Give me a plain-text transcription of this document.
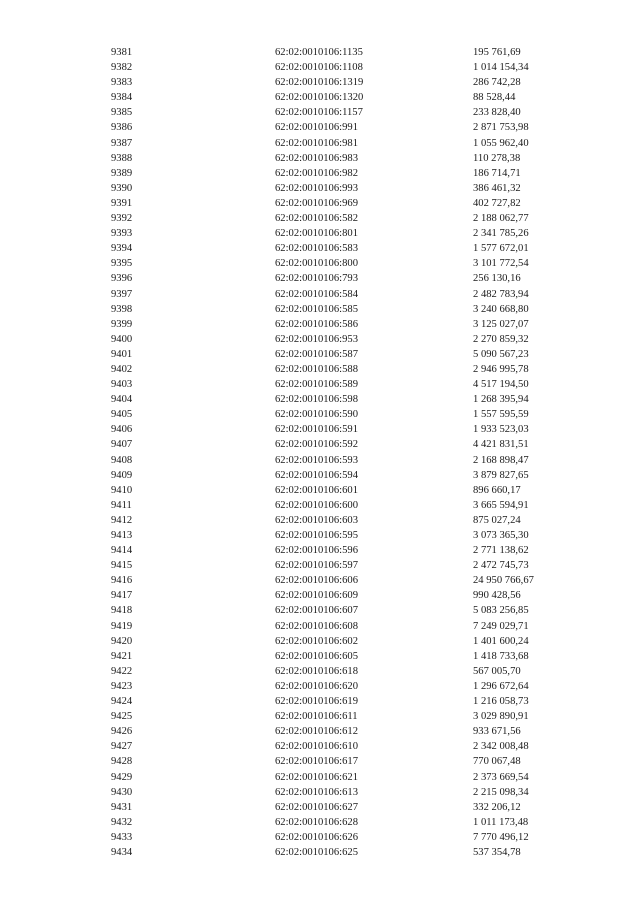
9381	62:02:0010106:1135	195 761,69
9382	62:02:0010106:1108	1 014 154,34
9383	62:02:0010106:1319	286 742,28
9384	62:02:0010106:1320	88 528,44
9385	62:02:0010106:1157	233 828,40
9386	62:02:0010106:991	2 871 753,98
9387	62:02:0010106:981	1 055 962,40
9388	62:02:0010106:983	110 278,38
9389	62:02:0010106:982	186 714,71
9390	62:02:0010106:993	386 461,32
9391	62:02:0010106:969	402 727,82
9392	62:02:0010106:582	2 188 062,77
9393	62:02:0010106:801	2 341 785,26
9394	62:02:0010106:583	1 577 672,01
9395	62:02:0010106:800	3 101 772,54
9396	62:02:0010106:793	256 130,16
9397	62:02:0010106:584	2 482 783,94
9398	62:02:0010106:585	3 240 668,80
9399	62:02:0010106:586	3 125 027,07
9400	62:02:0010106:953	2 270 859,32
9401	62:02:0010106:587	5 090 567,23
9402	62:02:0010106:588	2 946 995,78
9403	62:02:0010106:589	4 517 194,50
9404	62:02:0010106:598	1 268 395,94
9405	62:02:0010106:590	1 557 595,59
9406	62:02:0010106:591	1 933 523,03
9407	62:02:0010106:592	4 421 831,51
9408	62:02:0010106:593	2 168 898,47
9409	62:02:0010106:594	3 879 827,65
9410	62:02:0010106:601	896 660,17
9411	62:02:0010106:600	3 665 594,91
9412	62:02:0010106:603	875 027,24
9413	62:02:0010106:595	3 073 365,30
9414	62:02:0010106:596	2 771 138,62
9415	62:02:0010106:597	2 472 745,73
9416	62:02:0010106:606	24 950 766,67
9417	62:02:0010106:609	990 428,56
9418	62:02:0010106:607	5 083 256,85
9419	62:02:0010106:608	7 249 029,71
9420	62:02:0010106:602	1 401 600,24
9421	62:02:0010106:605	1 418 733,68
9422	62:02:0010106:618	567 005,70
9423	62:02:0010106:620	1 296 672,64
9424	62:02:0010106:619	1 216 058,73
9425	62:02:0010106:611	3 029 890,91
9426	62:02:0010106:612	933 671,56
9427	62:02:0010106:610	2 342 008,48
9428	62:02:0010106:617	770 067,48
9429	62:02:0010106:621	2 373 669,54
9430	62:02:0010106:613	2 215 098,34
9431	62:02:0010106:627	332 206,12
9432	62:02:0010106:628	1 011 173,48
9433	62:02:0010106:626	7 770 496,12
9434	62:02:0010106:625	537 354,78
